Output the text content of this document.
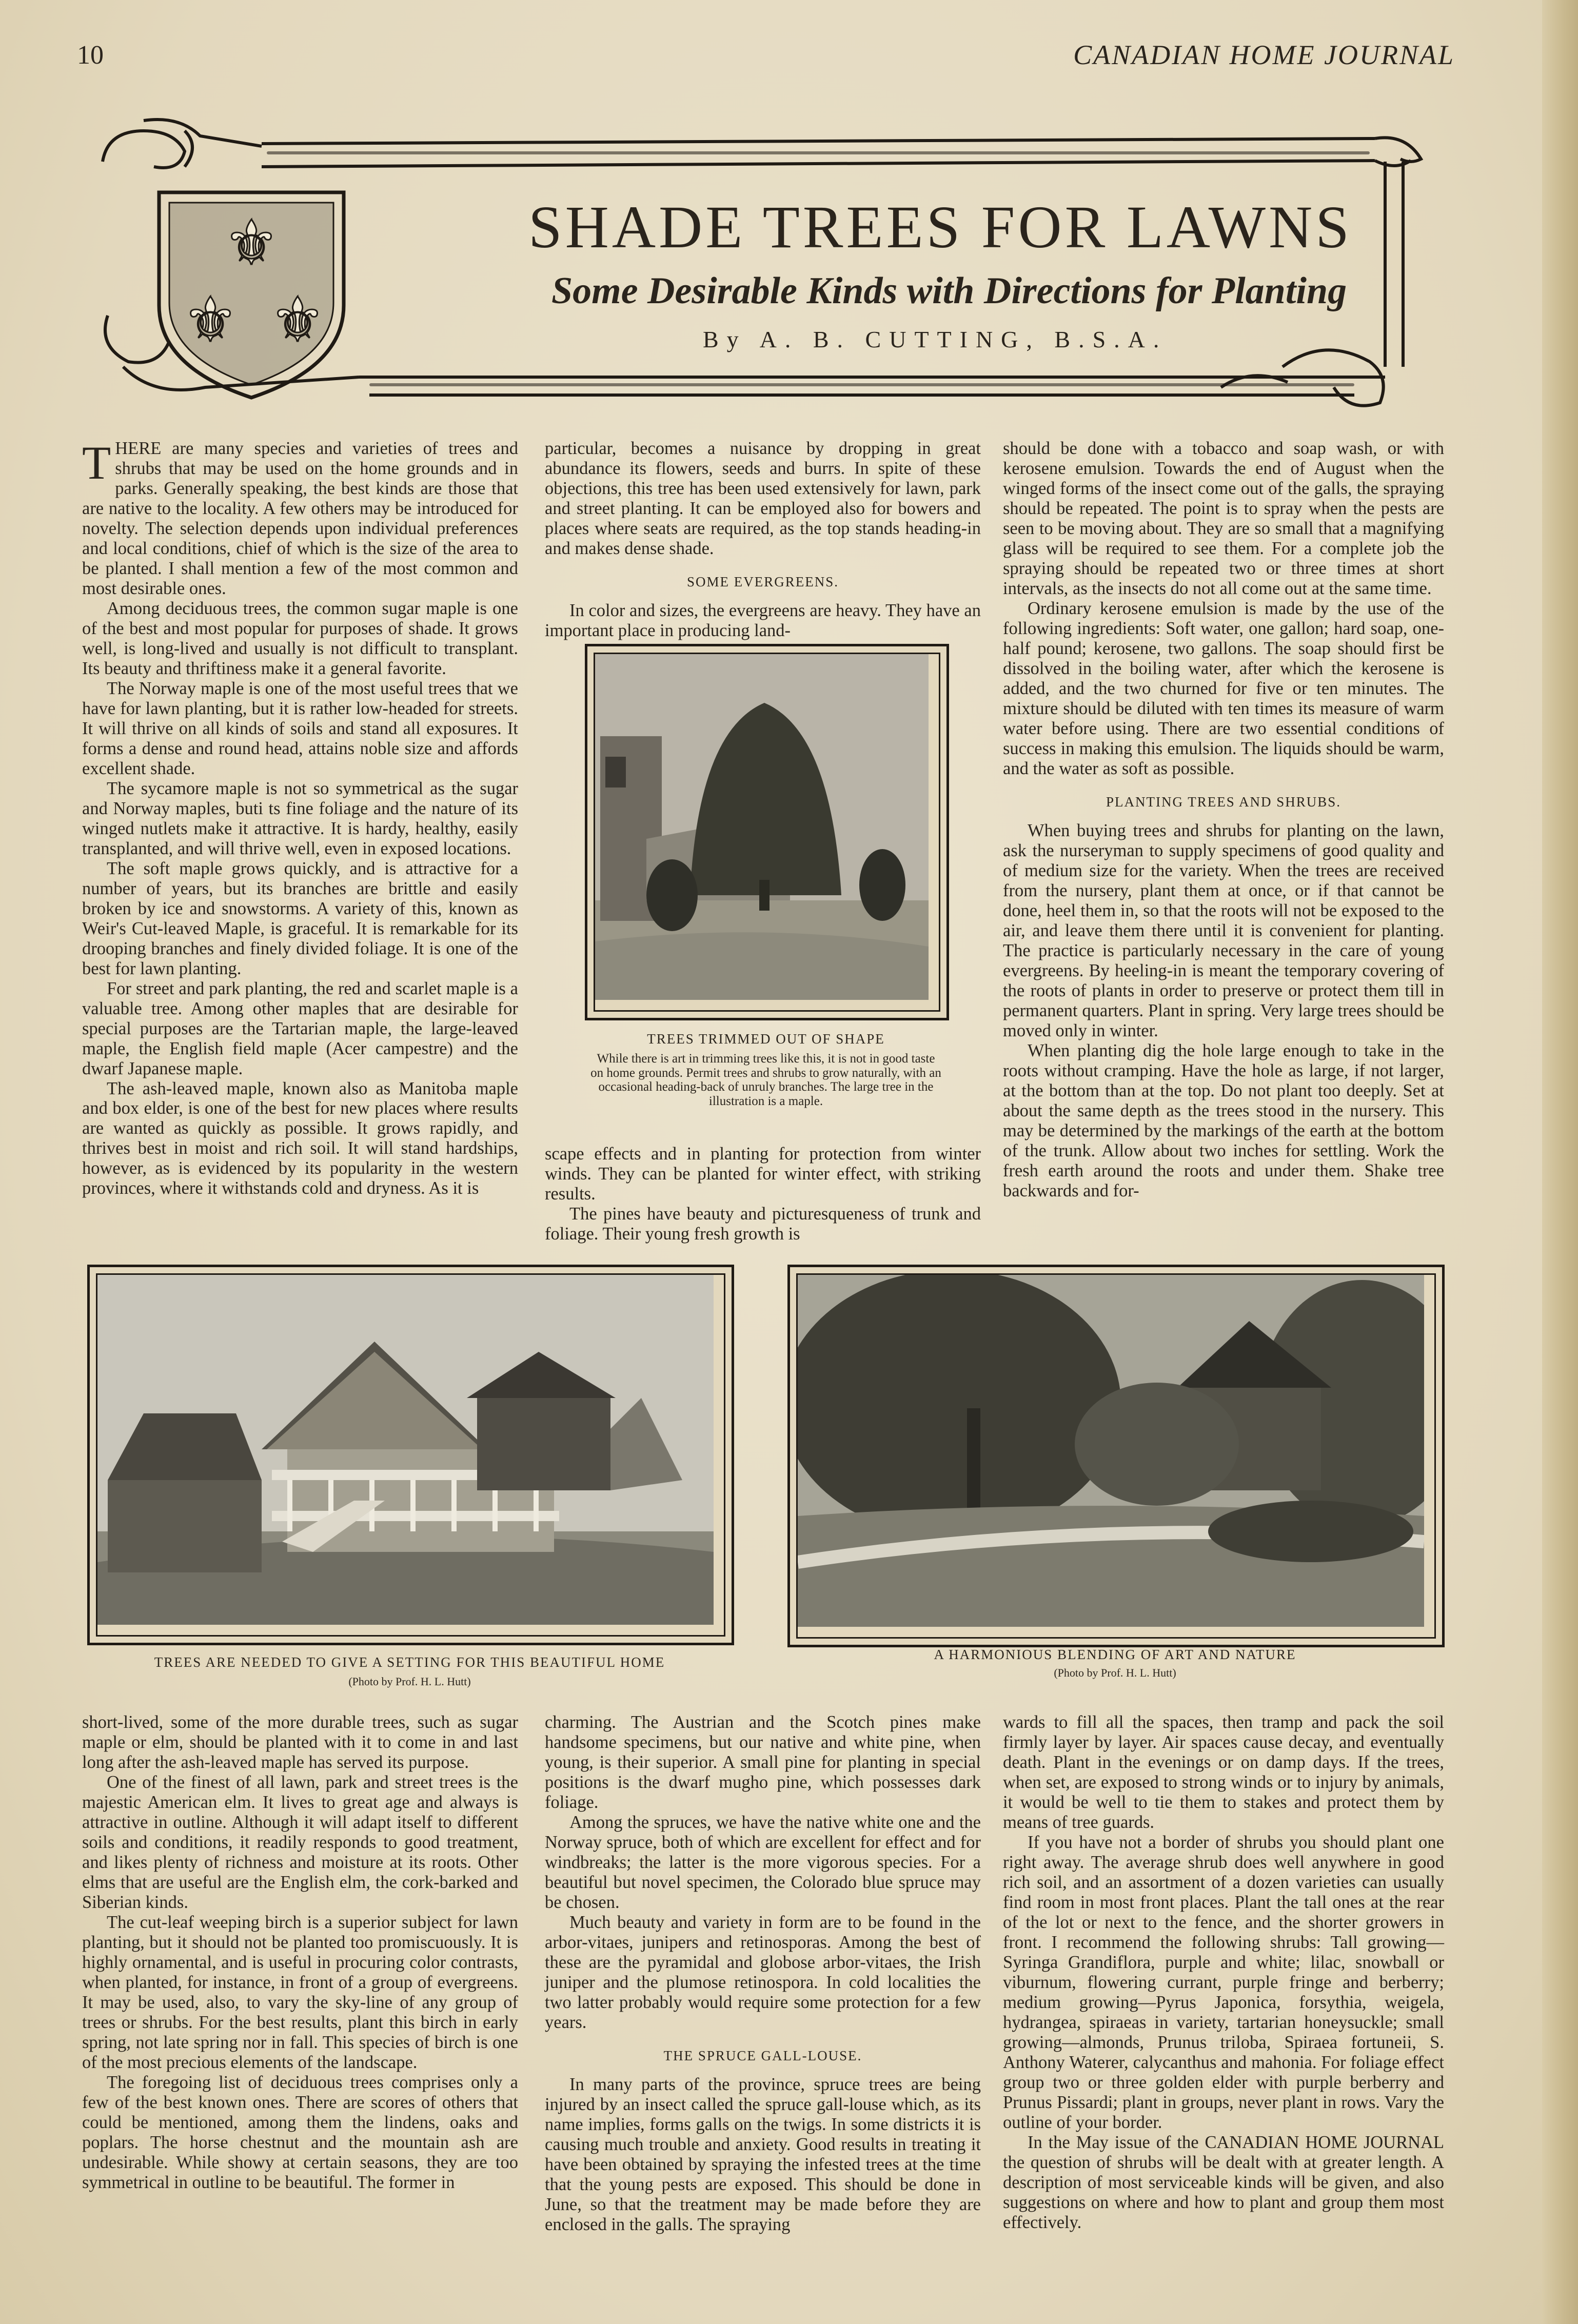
10	CANADIAN HOME JOURNAL
⚜
⚜ ⚜
SHADE TREES FOR LAWNS
Some Desirable Kinds with Directions for Planting
By A. B. CUTTING, B.S.A.

THERE are many species and varieties of trees and shrubs that may be used on the home grounds and in parks. Generally speaking, the best kinds are those that are native to the locality. A few others may be introduced for novelty. The selection depends upon individual preferences and local conditions, chief of which is the size of the area to be planted. I shall mention a few of the most common and most desirable ones.

Among deciduous trees, the common sugar maple is one of the best and most popular for purposes of shade. It grows well, is long-lived and usually is not difficult to transplant. Its beauty and thriftiness make it a general favorite.

The Norway maple is one of the most useful trees that we have for lawn planting, but it is rather low-headed for streets. It will thrive on all kinds of soils and stand all exposures. It forms a dense and round head, attains noble size and affords excellent shade.

The sycamore maple is not so symmetrical as the sugar and Norway maples, buti ts fine foliage and the nature of its winged nutlets make it attractive. It is hardy, healthy, easily transplanted, and will thrive well, even in exposed locations.

The soft maple grows quickly, and is attractive for a number of years, but its branches are brittle and easily broken by ice and snowstorms. A variety of this, known as Weir's Cut-leaved Maple, is graceful. It is remarkable for its drooping branches and finely divided foliage. It is one of the best for lawn planting.

For street and park planting, the red and scarlet maple is a valuable tree. Among other maples that are desirable for special purposes are the Tartarian maple, the large-leaved maple, the English field maple (Acer campestre) and the dwarf Japanese maple.

The ash-leaved maple, known also as Manitoba maple and box elder, is one of the best for new places where results are wanted as quickly as possible. It grows rapidly, and thrives best in moist and rich soil. It will stand hardships, however, as is evidenced by its popularity in the western provinces, where it withstands cold and dryness. As it is

particular, becomes a nuisance by dropping in great abundance its flowers, seeds and burrs. In spite of these objections, this tree has been used extensively for lawn, park and street planting. It can be employed also for bowers and places where seats are required, as the top stands heading-in and makes dense shade.

SOME EVERGREENS.

In color and sizes, the evergreens are heavy. They have an important place in producing land-

TREES TRIMMED OUT OF SHAPE
While there is art in trimming trees like this, it is not in good taste on home grounds. Permit trees and shrubs to grow naturally, with an occasional heading-back of unruly branches. The large tree in the illustration is a maple.

scape effects and in planting for protection from winter winds. They can be planted for winter effect, with striking results.

The pines have beauty and picturesqueness of trunk and foliage. Their young fresh growth is

should be done with a tobacco and soap wash, or with kerosene emulsion. Towards the end of August when the winged forms of the insect come out of the galls, the spraying should be repeated. The point is to spray when the pests are seen to be moving about. They are so small that a magnifying glass will be required to see them. For a complete job the spraying should be repeated two or three times at short intervals, as the insects do not all come out at the same time.

Ordinary kerosene emulsion is made by the use of the following ingredients: Soft water, one gallon; hard soap, one-half pound; kerosene, two gallons. The soap should first be dissolved in the boiling water, after which the kerosene is added, and the two churned for five or ten minutes. The mixture should be diluted with ten times its measure of warm water before using. There are two essential conditions of success in making this emulsion. The liquids should be warm, and the water as soft as possible.

PLANTING TREES AND SHRUBS.

When buying trees and shrubs for planting on the lawn, ask the nurseryman to supply specimens of good quality and of medium size for the variety. When the trees are received from the nursery, plant them at once, or if that cannot be done, heel them in, so that the roots will not be exposed to the air, and leave them there until it is convenient for planting. The practice is particularly necessary in the care of young evergreens. By heeling-in is meant the temporary covering of the roots of plants in order to preserve or protect them till in permanent quarters. Plant in spring. Very large trees should be moved only in winter.

When planting dig the hole large enough to take in the roots without cramping. Have the hole as large, if not larger, at the bottom than at the top. Do not plant too deeply. Set at about the same depth as the trees stood in the nursery. This may be determined by the markings of the earth at the bottom of the trunk. Allow about two inches for settling. Work the fresh earth around the roots and under them. Shake tree backwards and for-

TREES ARE NEEDED TO GIVE A SETTING FOR THIS BEAUTIFUL HOME
(Photo by Prof. H. L. Hutt)
A HARMONIOUS BLENDING OF ART AND NATURE
(Photo by Prof. H. L. Hutt)

short-lived, some of the more durable trees, such as sugar maple or elm, should be planted with it to come in and last long after the ash-leaved maple has served its purpose.

One of the finest of all lawn, park and street trees is the majestic American elm. It lives to great age and always is attractive in outline. Although it will adapt itself to different soils and conditions, it readily responds to good treatment, and likes plenty of richness and moisture at its roots. Other elms that are useful are the English elm, the cork-barked and Siberian kinds.

The cut-leaf weeping birch is a superior subject for lawn planting, but it should not be planted too promiscuously. It is highly ornamental, and is useful in procuring color contrasts, when planted, for instance, in front of a group of evergreens. It may be used, also, to vary the sky-line of any group of trees or shrubs. For the best results, plant this birch in early spring, not late spring nor in fall. This species of birch is one of the most precious elements of the landscape.

The foregoing list of deciduous trees comprises only a few of the best known ones. There are scores of others that could be mentioned, among them the lindens, oaks and poplars. The horse chestnut and the mountain ash are undesirable. While showy at certain seasons, they are too symmetrical in outline to be beautiful. The former in

charming. The Austrian and the Scotch pines make handsome specimens, but our native and white pine, when young, is their superior. A small pine for planting in special positions is the dwarf mugho pine, which possesses dark foliage.

Among the spruces, we have the native white one and the Norway spruce, both of which are excellent for effect and for windbreaks; the latter is the more vigorous species. For a beautiful but novel specimen, the Colorado blue spruce may be chosen.

Much beauty and variety in form are to be found in the arbor-vitaes, junipers and retinosporas. Among the best of these are the pyramidal and globose arbor-vitaes, the Irish juniper and the plumose retinospora. In cold localities the two latter probably would require some protection for a few years.

THE SPRUCE GALL-LOUSE.

In many parts of the province, spruce trees are being injured by an insect called the spruce gall-louse which, as its name implies, forms galls on the twigs. In some districts it is causing much trouble and anxiety. Good results in treating it have been obtained by spraying the infested trees at the time that the young pests are exposed. This should be done in June, so that the treatment may be made before they are enclosed in the galls. The spraying

wards to fill all the spaces, then tramp and pack the soil firmly layer by layer. Air spaces cause decay, and eventually death. Plant in the evenings or on damp days. If the trees, when set, are exposed to strong winds or to injury by animals, it would be well to tie them to stakes and protect them by means of tree guards.

If you have not a border of shrubs you should plant one right away. The average shrub does well anywhere in good rich soil, and an assortment of a dozen varieties can usually find room in most front places. Plant the tall ones at the rear of the lot or next to the fence, and the shorter growers in front. I recommend the following shrubs: Tall growing—Syringa Grandiflora, purple and white; lilac, snowball or viburnum, flowering currant, purple fringe and berberry; medium growing—Pyrus Japonica, forsythia, weigela, hydrangea, spiraeas in variety, tartarian honeysuckle; small growing—almonds, Prunus triloba, Spiraea fortuneii, S. Anthony Waterer, calycanthus and mahonia. For foliage effect group two or three golden elder with purple berberry and Prunus Pissardi; plant in groups, never plant in rows. Vary the outline of your border.

In the May issue of the CANADIAN HOME JOURNAL the question of shrubs will be dealt with at greater length. A description of most serviceable kinds will be given, and also suggestions on where and how to plant and group them most effectively.
